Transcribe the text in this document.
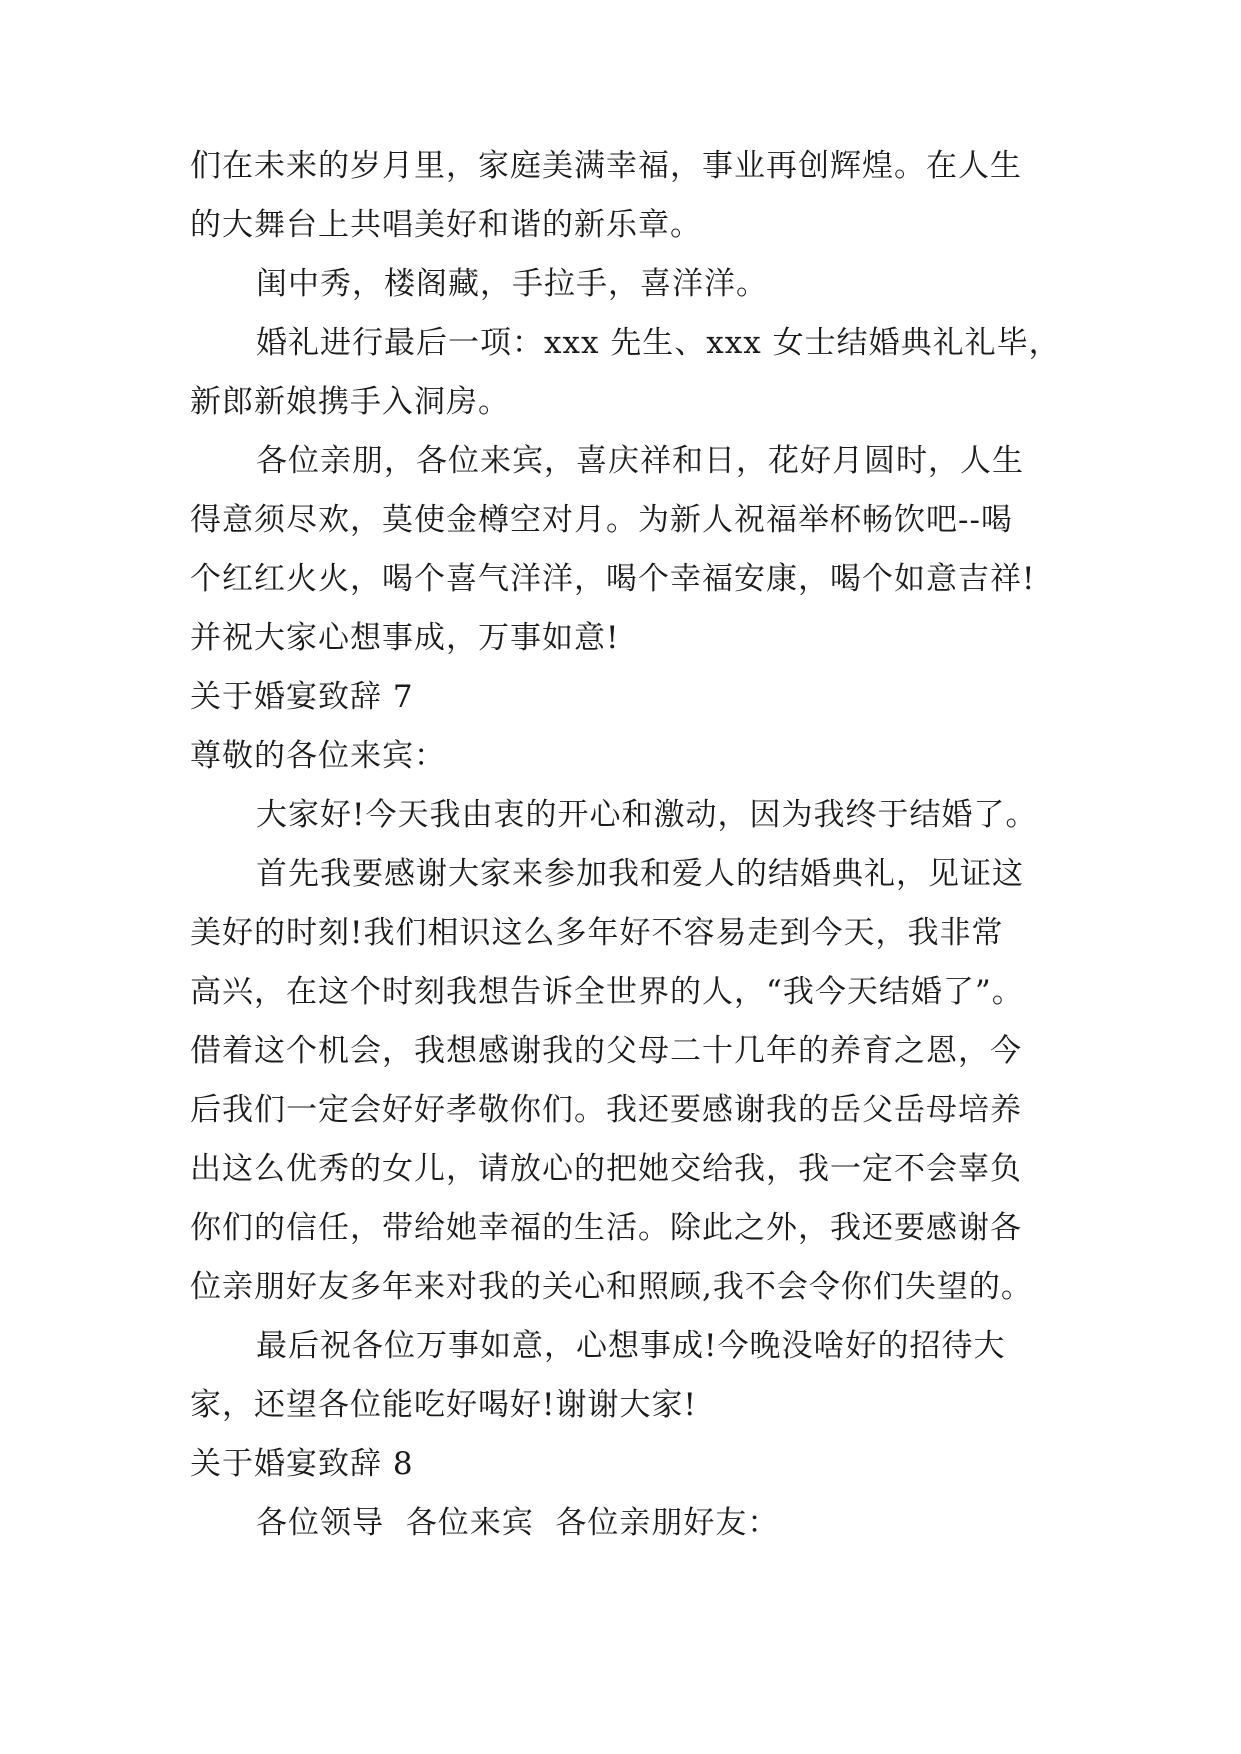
们在未来的岁月里，家庭美满幸福，事业再创辉煌。在人生
的大舞台上共唱美好和谐的新乐章。
闺中秀，楼阁藏，手拉手，喜洋洋。
婚礼进行最后一项：xxx 先生、xxx 女士结婚典礼礼毕，
新郎新娘携手入洞房。
各位亲朋，各位来宾，喜庆祥和日，花好月圆时，人生
得意须尽欢，莫使金樽空对月。为新人祝福举杯畅饮吧--喝
个红红火火，喝个喜气洋洋，喝个幸福安康，喝个如意吉祥!
并祝大家心想事成，万事如意!
关于婚宴致辞 7
尊敬的各位来宾：
大家好!今天我由衷的开心和激动，因为我终于结婚了。
首先我要感谢大家来参加我和爱人的结婚典礼，见证这
美好的时刻!我们相识这么多年好不容易走到今天，我非常
高兴，在这个时刻我想告诉全世界的人，“我今天结婚了”。
借着这个机会，我想感谢我的父母二十几年的养育之恩，今
后我们一定会好好孝敬你们。我还要感谢我的岳父岳母培养
出这么优秀的女儿，请放心的把她交给我，我一定不会辜负
你们的信任，带给她幸福的生活。除此之外，我还要感谢各
位亲朋好友多年来对我的关心和照顾,我不会令你们失望的。
最后祝各位万事如意，心想事成!今晚没啥好的招待大
家，还望各位能吃好喝好!谢谢大家!
关于婚宴致辞 8
各位领导  各位来宾  各位亲朋好友：
